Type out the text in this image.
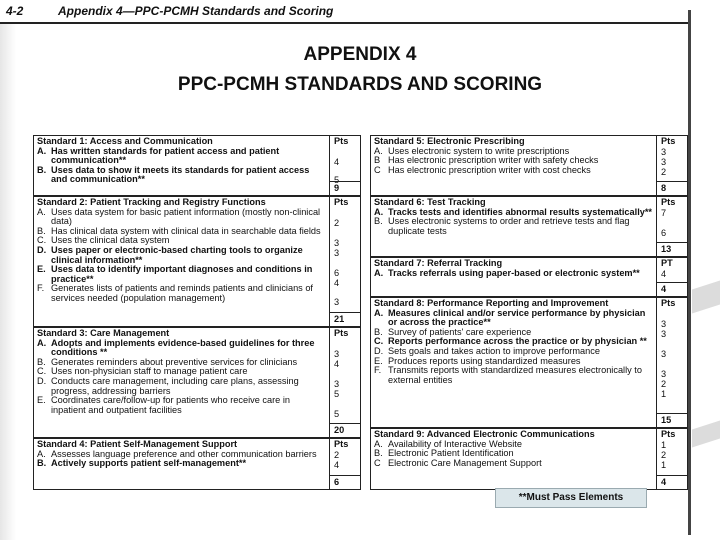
4-2	Appendix 4—PPC-PCMH Standards and Scoring
APPENDIX 4
PPC-PCMH STANDARDS AND SCORING
Standard 1: Access and Communication
A. Has written standards for patient access and patient communication**
B. Uses data to show it meets its standards for patient access and communication**
Pts
4
5
9
Standard 2: Patient Tracking and Registry Functions
A. Uses data system for basic patient information (mostly non-clinical data)
B. Has clinical data system with clinical data in searchable data fields
C. Uses the clinical data system
D. Uses paper or electronic-based charting tools to organize clinical information**
E. Uses data to identify important diagnoses and conditions in practice**
F. Generates lists of patients and reminds patients and clinicians of services needed (population management)
Pts
2
3
3
6
4
3
21
Standard 3: Care Management
A. Adopts and implements evidence-based guidelines for three conditions **
B. Generates reminders about preventive services for clinicians
C. Uses non-physician staff to manage patient care
D. Conducts care management, including care plans, assessing progress, addressing barriers
E. Coordinates care/follow-up for patients who receive care in inpatient and outpatient facilities
Pts
3
4
3
5
5
20
Standard 4: Patient Self-Management Support
A. Assesses language preference and other communication barriers
B. Actively supports patient self-management**
Pts
2
4
6
Standard 5: Electronic Prescribing
A. Uses electronic system to write prescriptions
B Has electronic prescription writer with safety checks
C Has electronic prescription writer with cost checks
Pts
3
3
2
8
Standard 6: Test Tracking
A. Tracks tests and identifies abnormal results systematically**
B. Uses electronic systems to order and retrieve tests and flag duplicate tests
Pts
7
6
13
Standard 7: Referral Tracking
A. Tracks referrals using paper-based or electronic system**
PT
4
4
Standard 8: Performance Reporting and Improvement
A. Measures clinical and/or service performance by physician or across the practice**
B. Survey of patients' care experience
C. Reports performance across the practice or by physician **
D. Sets goals and takes action to improve performance
E. Produces reports using standardized measures
F. Transmits reports with standardized measures electronically to external entities
Pts
3
3
3
3
2
1
15
Standard 9: Advanced Electronic Communications
A. Availability of Interactive Website
B. Electronic Patient Identification
C Electronic Care Management Support
Pts
1
2
1
4
**Must Pass Elements
